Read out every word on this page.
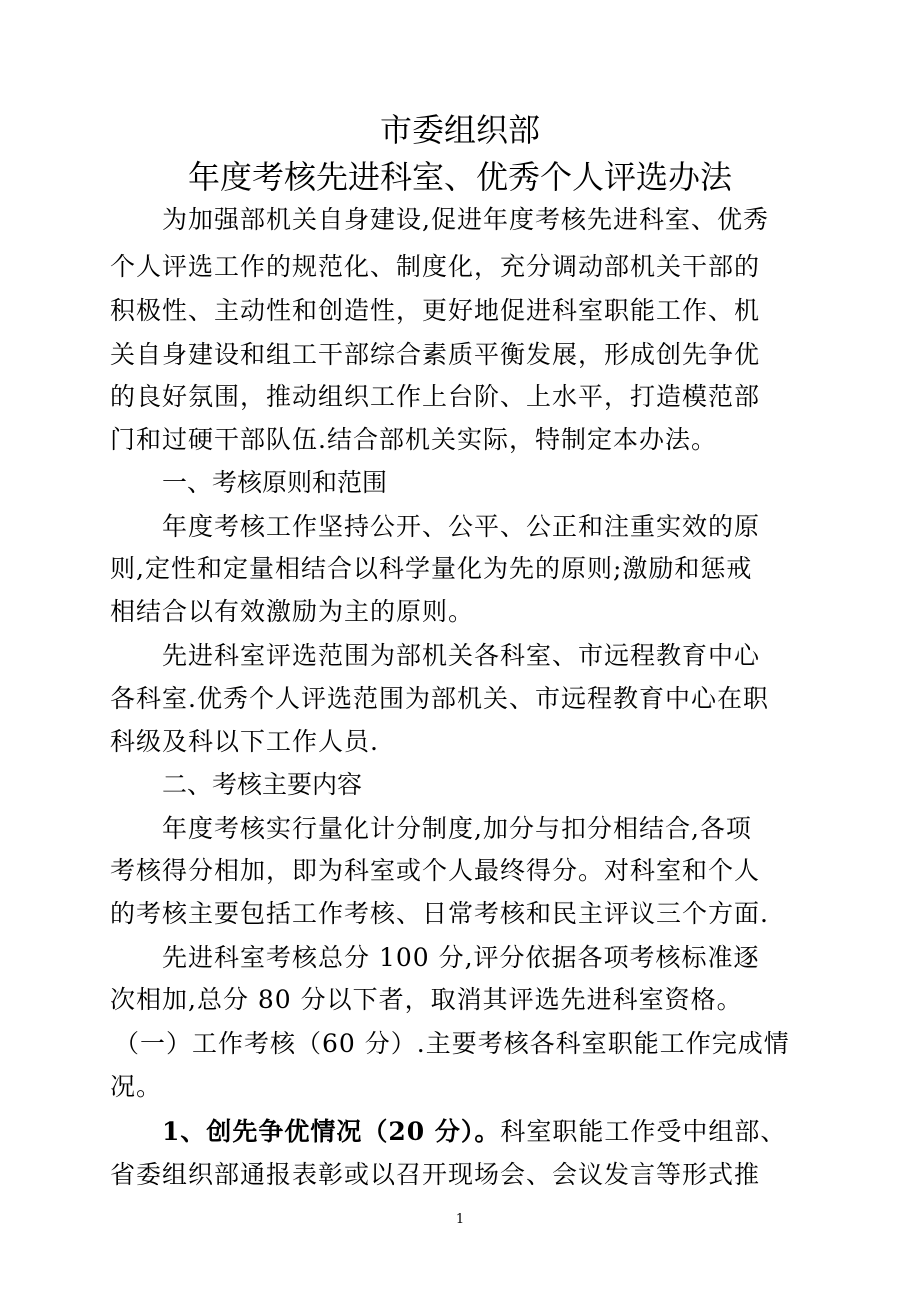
市委组织部
年度考核先进科室、优秀个人评选办法
为加强部机关自身建设,促进年度考核先进科室、优秀
个人评选工作的规范化、制度化，充分调动部机关干部的
积极性、主动性和创造性，更好地促进科室职能工作、机
关自身建设和组工干部综合素质平衡发展，形成创先争优
的良好氛围，推动组织工作上台阶、上水平，打造模范部
门和过硬干部队伍.结合部机关实际，特制定本办法。
一、考核原则和范围
年度考核工作坚持公开、公平、公正和注重实效的原
则,定性和定量相结合以科学量化为先的原则;激励和惩戒
相结合以有效激励为主的原则。
先进科室评选范围为部机关各科室、市远程教育中心
各科室.优秀个人评选范围为部机关、市远程教育中心在职
科级及科以下工作人员.
二、考核主要内容
年度考核实行量化计分制度,加分与扣分相结合,各项
考核得分相加，即为科室或个人最终得分。对科室和个人
的考核主要包括工作考核、日常考核和民主评议三个方面.
先进科室考核总分 100 分,评分依据各项考核标准逐
次相加,总分 80 分以下者，取消其评选先进科室资格。
（一）工作考核（60 分）.主要考核各科室职能工作完成情
况。
1、创先争优情况（20 分）。科室职能工作受中组部、
省委组织部通报表彰或以召开现场会、会议发言等形式推
1
